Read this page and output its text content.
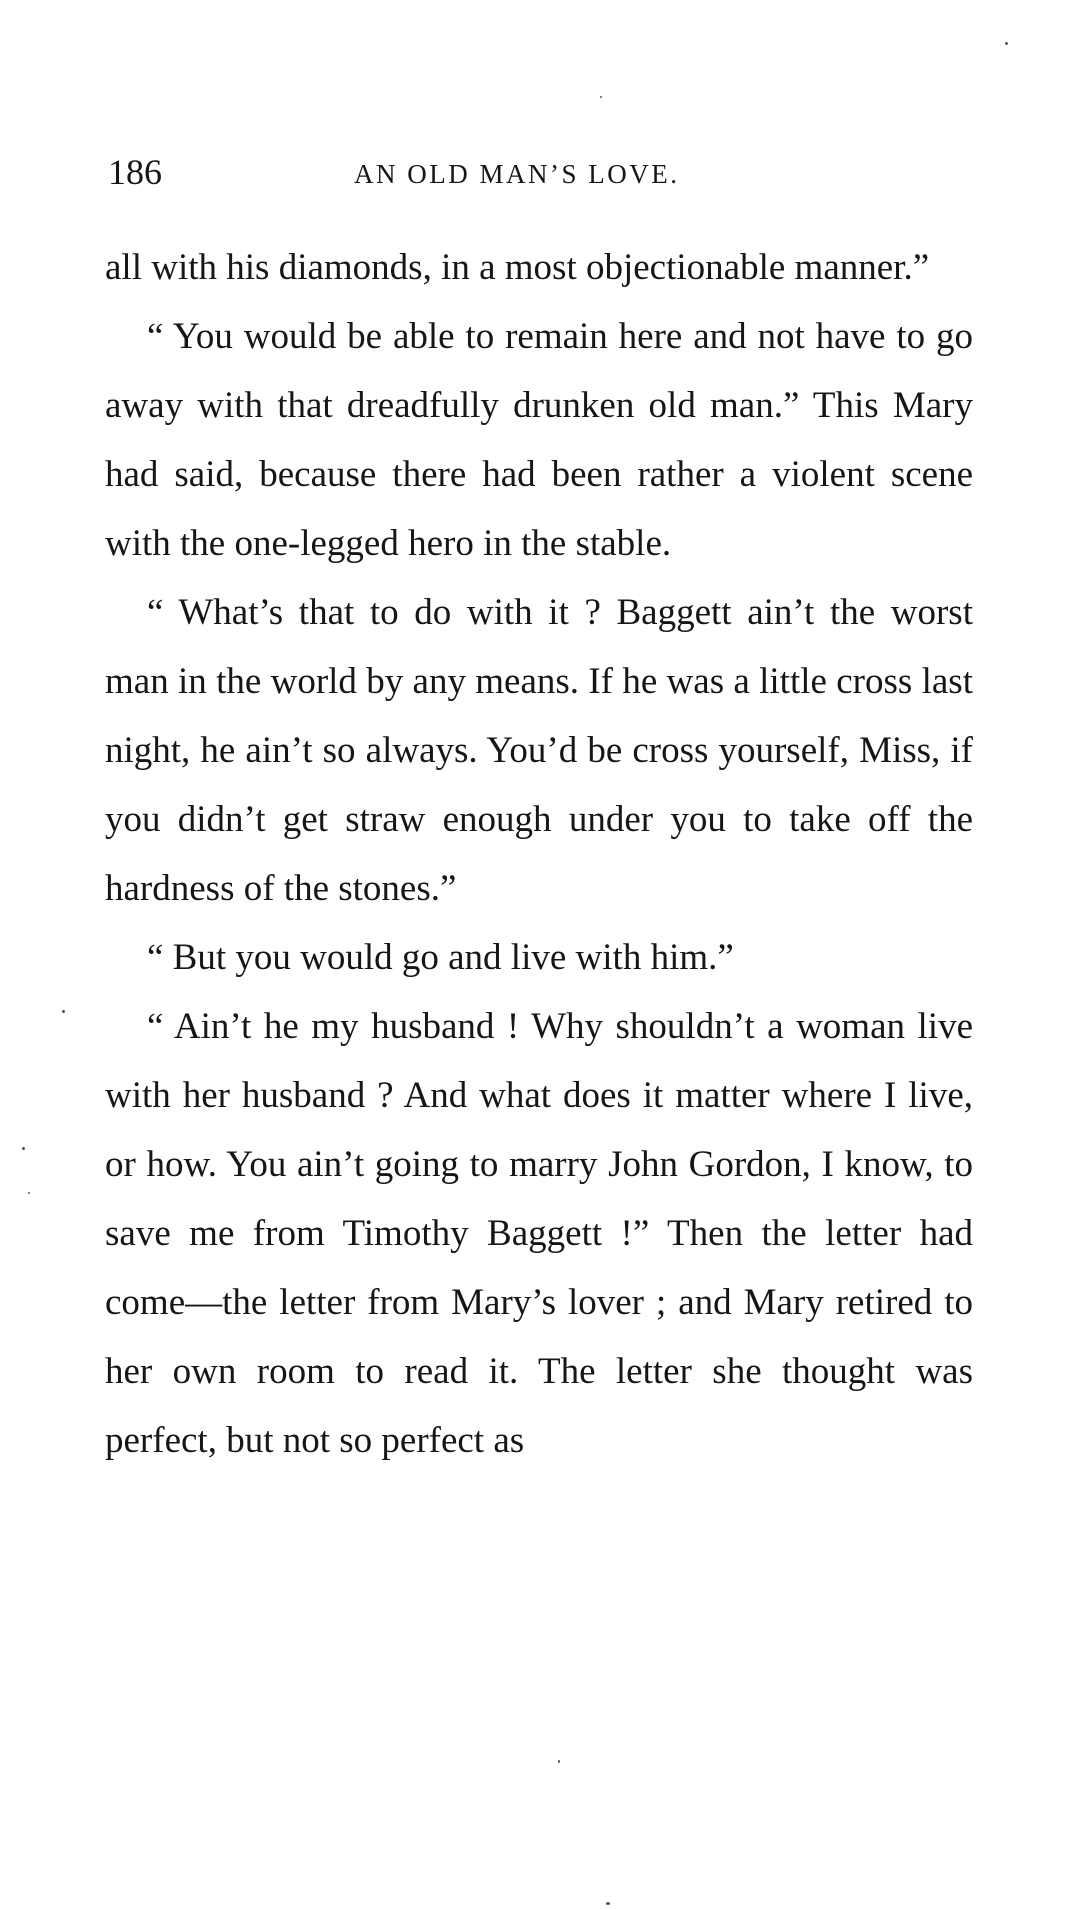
186	AN OLD MAN’S LOVE.

all with his diamonds, in a most objectionable manner.”

“ You would be able to remain here and not have to go away with that dreadfully drunken old man.” This Mary had said, because there had been rather a violent scene with the one-legged hero in the stable.

“ What’s that to do with it ? Baggett ain’t the worst man in the world by any means. If he was a little cross last night, he ain’t so always. You’d be cross yourself, Miss, if you didn’t get straw enough under you to take off the hardness of the stones.”

“ But you would go and live with him.”

“ Ain’t he my husband ! Why shouldn’t a woman live with her husband ? And what does it matter where I live, or how. You ain’t going to marry John Gordon, I know, to save me from Timothy Baggett !” Then the letter had come—the letter from Mary’s lover ; and Mary retired to her own room to read it. The letter she thought was perfect, but not so perfect as
